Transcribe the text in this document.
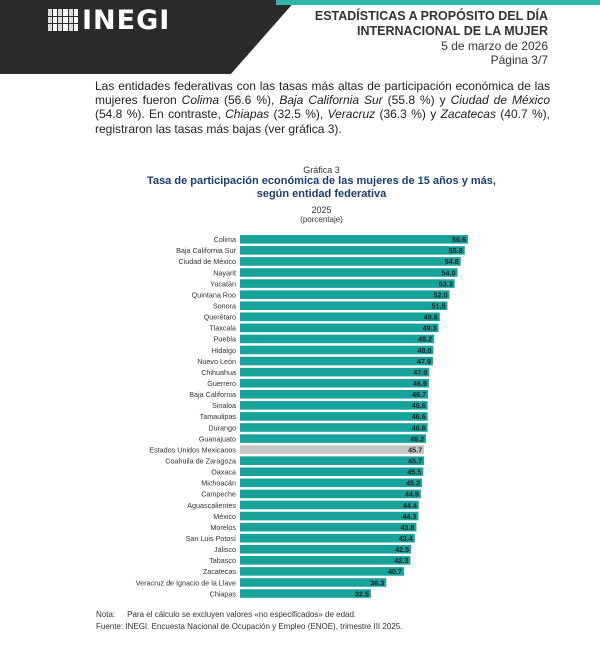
INEGI	ESTADÍSTICAS A PROPÓSITO DEL DÍA
INTERNACIONAL DE LA MUJER
5 de marzo de 2026
Página 3/7

Las entidades federativas con las tasas más altas de participación económica de las mujeres fueron Colima (56.6 %), Baja California Sur (55.8 %) y Ciudad de México (54.8 %). En contraste, Chiapas (32.5 %), Veracruz (36.3 %) y Zacatecas (40.7 %), registraron las tasas más bajas (ver gráfica 3).

Gráfica 3
Tasa de participación económica de las mujeres de 15 años y más,
según entidad federativa
2025
(porcentaje)
Colima	56.6
Baja California Sur	55.8
Ciudad de México	54.8
Nayarit	54.0
Yucatán	53.3
Quintana Roo	52.0
Sonora	51.5
Querétaro	49.6
Tlaxcala	49.3
Puebla	48.2
Hidalgo	48.0
Nuevo León	47.9
Chihuahua	47.0
Guerrero	46.9
Baja California	46.7
Sinaloa	46.6
Tamaulipas	46.6
Durango	46.6
Guanajuato	46.2
Estados Unidos Mexicanos	45.7
Coahuila de Zaragoza	45.7
Oaxaca	45.5
Michoacán	45.2
Campeche	44.9
Aguascalientes	44.4
México	44.3
Morelos	43.8
San Luis Potosí	43.4
Jalisco	42.5
Tabasco	42.3
Zacatecas	40.7
Veracruz de Ignacio de la Llave	36.3
Chiapas	32.5
Nota: Para el cálculo se excluyen valores «no especificados» de edad.
Fuente: INEGI. Encuesta Nacional de Ocupación y Empleo (ENOE), trimestre III 2025.
